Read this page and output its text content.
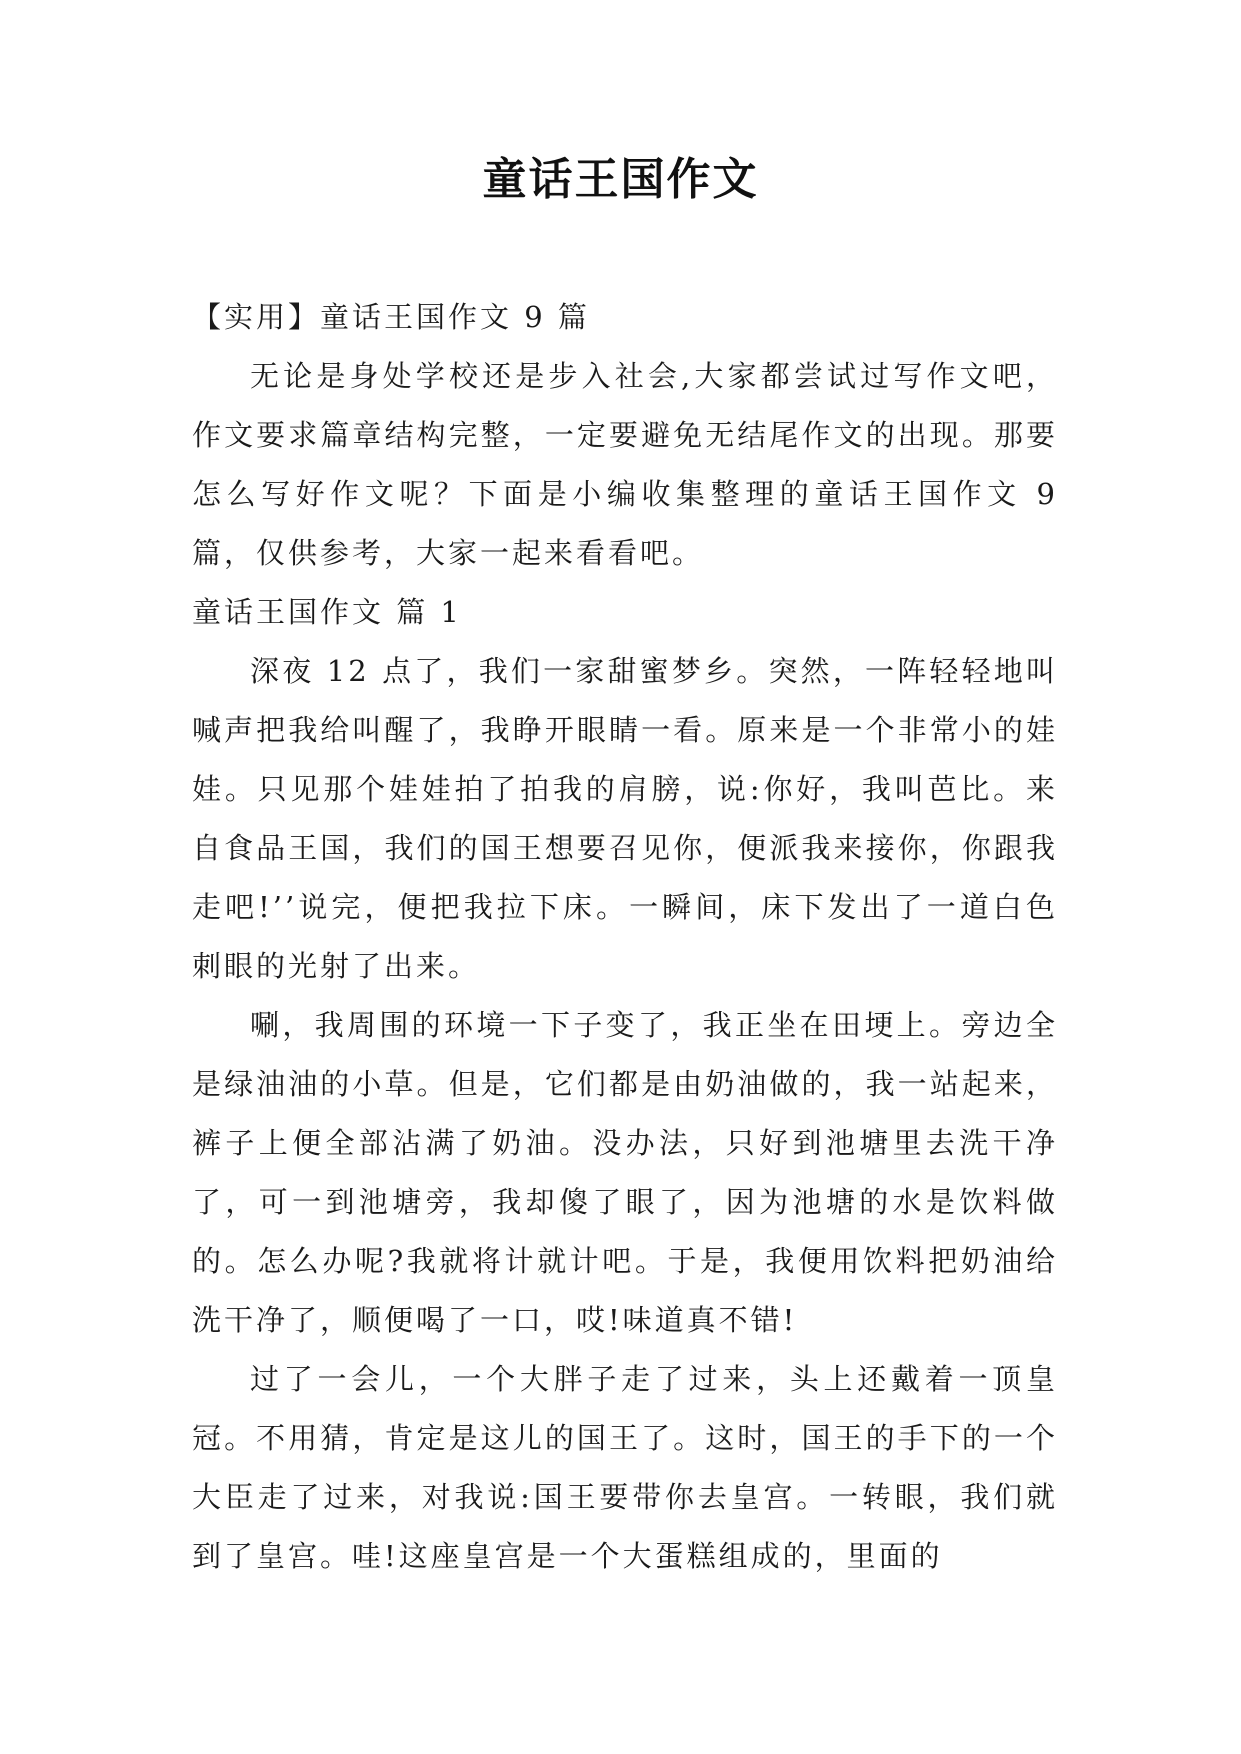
童话王国作文
【实用】童话王国作文 9 篇

无论是身处学校还是步入社会,大家都尝试过写作文吧，作文要求篇章结构完整，一定要避免无结尾作文的出现。那要怎么写好作文呢？下面是小编收集整理的童话王国作文 9 篇，仅供参考，大家一起来看看吧。

童话王国作文 篇 1

深夜 12 点了，我们一家甜蜜梦乡。突然，一阵轻轻地叫喊声把我给叫醒了，我睁开眼睛一看。原来是一个非常小的娃娃。只见那个娃娃拍了拍我的肩膀，说:你好，我叫芭比。来自食品王国，我们的国王想要召见你，便派我来接你，你跟我走吧!’’说完，便把我拉下床。一瞬间，床下发出了一道白色刺眼的光射了出来。

唰，我周围的环境一下子变了，我正坐在田埂上。旁边全是绿油油的小草。但是，它们都是由奶油做的，我一站起来，裤子上便全部沾满了奶油。没办法，只好到池塘里去洗干净了，可一到池塘旁，我却傻了眼了，因为池塘的水是饮料做的。怎么办呢?我就将计就计吧。于是，我便用饮料把奶油给洗干净了，顺便喝了一口，哎!味道真不错!

过了一会儿，一个大胖子走了过来，头上还戴着一顶皇冠。不用猜，肯定是这儿的国王了。这时，国王的手下的一个大臣走了过来，对我说:国王要带你去皇宫。一转眼，我们就到了皇宫。哇!这座皇宫是一个大蛋糕组成的，里面的
